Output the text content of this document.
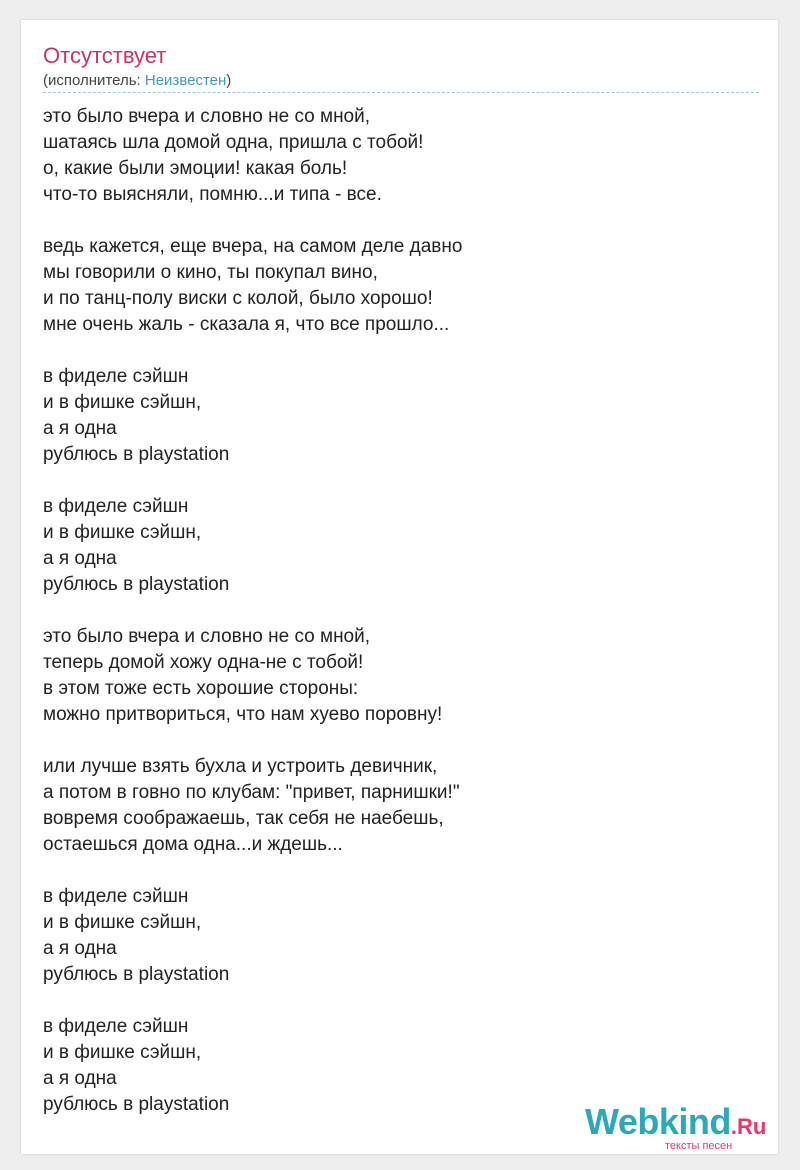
Отсутствует
(исполнитель: Неизвестен)
это было вчера и словно не со мной,
шатаясь шла домой одна, пришла с тобой!
о, какие были эмоции! какая боль!
что-то выясняли, помню...и типа - все.
ведь кажется, еще вчера, на самом деле давно
мы говорили о кино, ты покупал вино,
и по танц-полу виски с колой, было хорошо!
мне очень жаль - сказала я, что все прошло...
в фиделе сэйшн
и в фишке сэйшн,
а я одна
рублюсь в playstation
в фиделе сэйшн
и в фишке сэйшн,
а я одна
рублюсь в playstation
это было вчера и словно не со мной,
теперь домой хожу одна-не с тобой!
в этом тоже есть хорошие стороны:
можно притвориться, что нам хуево поровну!
или лучше взять бухла и устроить девичник,
а потом в говно по клубам: "привет, парнишки!"
вовремя соображаешь, так себя не наебешь,
остаешься дома одна...и ждешь...
в фиделе сэйшн
и в фишке сэйшн,
а я одна
рублюсь в playstation
в фиделе сэйшн
и в фишке сэйшн,
а я одна
рублюсь в playstation	Webkind.Ru
тексты песен
